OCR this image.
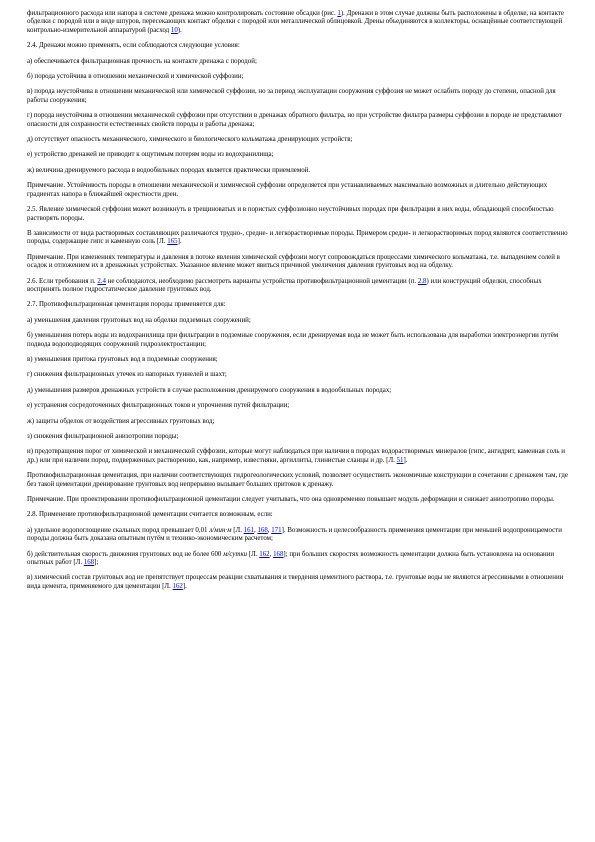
фильтрационного расхода или напора в системе дренажа можно контролировать состояние обсадки (рис. 1). Дренажи в этом случае должны быть расположены в обделке, на контакте обделки с породой или в виде шпуров, пересекающих контакт обделки с породой или металлической облицовкой. Дрены объединяются в коллекторы, оснащённые соответствующей контрольно-измерительной аппаратурой (расход 10).

2.4. Дренажи можно применять, если соблюдаются следующие условия:

а) обеспечивается фильтрационная прочность на контакте дренажа с породой;

б) порода устойчива в отношении механической и химической суффозии;

в) порода неустойчива в отношении механической или химической суффозии, но за период эксплуатации сооружения суффозия не может ослабить породу до степени, опасной для работы сооружения;

г) порода неустойчива в отношении механической суффозии при отсутствии в дренажах обратного фильтра, но при устройстве фильтра размеры суффозии в породе не представляют опасности для сохранности естественных свойств породы и работы дренажа;

д) отсутствует опасность механического, химического и биологического кольматажа дренирующих устройств;

е) устройство дренажей не приводит к ощутимым потерям воды из водохранилища;

ж) величина дренируемого расхода в водообильных породах является практически приемлемой.

Примечание. Устойчивость породы в отношении механической и химической суффозии определяется при устанавливаемых максимально возможных и длительно действующих градиентах напора в ближайшей окрестности дрен.

2.5. Явление химической суффозии может возникнуть в трещиноватых и в пористых суффозионно неустойчивых породах при фильтрации в них воды, обладающей способностью растворять породы.

В зависимости от вида растворимых составляющих различаются трудно-, средне- и легкорастворимые породы. Примером средне- и легкорастворимых пород являются соответственно породы, содержащие гипс и каменную соль [Л. 165].

Примечание. При изменениях температуры и давления в потоке явления химической суффозии могут сопровождаться процессами химического кольматажа, т.е. выпадением солей в осадок и отложением их в дренажных устройствах. Указанное явление может явиться причиной увеличения давления грунтовых вод на обделку.

2.6. Если требования п. 2.4 не соблюдаются, необходимо рассмотреть варианты устройства противофильтрационной цементации (п. 2.8) или конструкций обделки, способных воспринять полное гидростатическое давление грунтовых вод.

2.7. Противофильтрационная цементация породы применяется для:

а) уменьшения давления грунтовых вод на обделки подземных сооружений;

б) уменьшения потерь воды из водохранилища при фильтрации в подземные сооружения, если дренируемая вода не может быть использована для выработки электроэнергии путём подвода водоподводящих сооружений гидроэлектростанции;

в) уменьшения притока грунтовых вод в подземные сооружения;

г) снижения фильтрационных утечек из напорных туннелей и шахт;

д) уменьшения размеров дренажных устройств в случае расположения дренируемого сооружения в водообильных породах;

е) устранения сосредоточенных фильтрационных токов и упрочнения путей фильтрации;

ж) защиты обделок от воздействия агрессивных грунтовых вод;

з) снижения фильтрационной анизотропии породы;

и) предотвращения порог от химической и механической суффозии, которые могут наблюдаться при наличии в породах водорастворимых минералов (гипс, ангидрит, каменная соль и др.) или при наличии пород, подверженных растворению, как, например, известняки, аргиллиты, глинистые сланцы и др. [Л. 51].

Противофильтрационная цементация, при наличии соответствующих гидрогеологических условий, позволяет осуществить экономичные конструкции в сочетании с дренажем там, где без такой цементации дренирование грунтовых вод непрерывно вызывает больших притоков к дренажу.

Примечание. При проектировании противофильтрационной цементации следует учитывать, что она одновременно повышает модуль деформации и снижает анизотропию породы.

2.8. Применение противофильтрационной цементации считается возможным, если:

а) удельное водопоглощение скальных пород превышает 0,01 л/мин·м [Л. 161, 168, 171]. Возможность и целесообразность применения цементации при меньшей водопроницаемости породы должна быть доказана опытным путём и технико-экономическим расчетом;

б) действительная скорость движения грунтовых вод не более 600 м/сутки [Л. 162, 168]; при больших скоростях возможность цементации должна быть установлена на основании опытных работ [Л. 168];

в) химический состав грунтовых вод не препятствует процессам реакции схватывания и твердения цементного раствора, т.е. грунтовые воды не являются агрессивными в отношении вида цемента, применяемого для цементации [Л. 162].
